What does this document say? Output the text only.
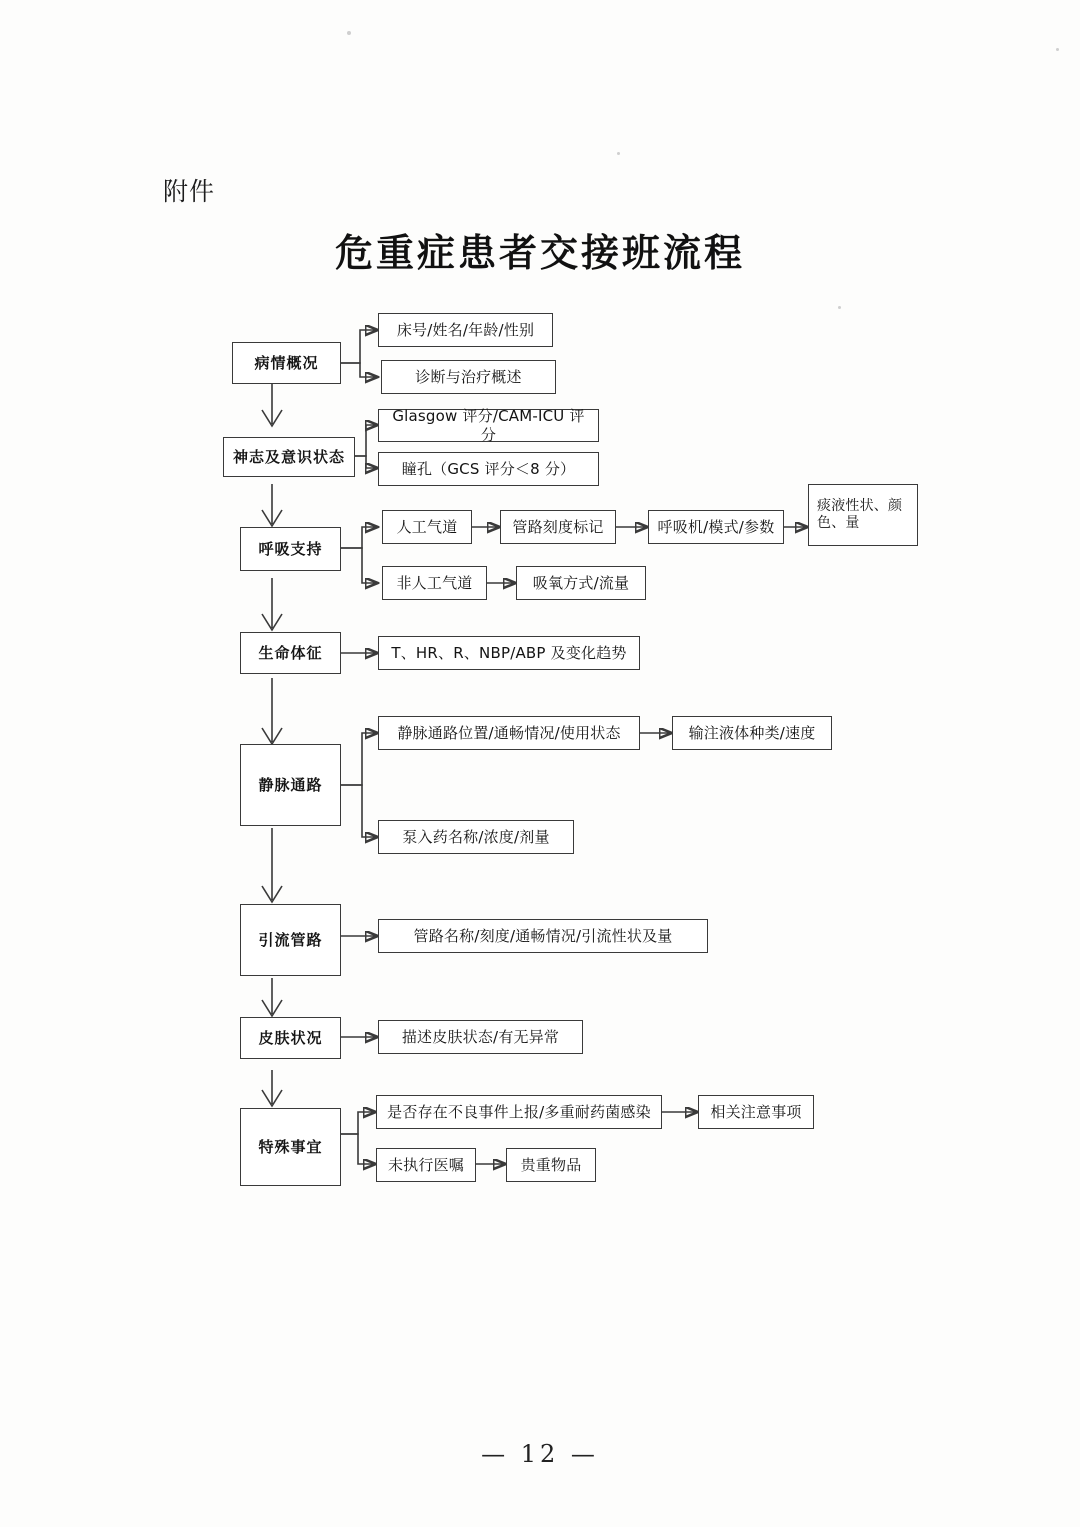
附件
危重症患者交接班流程
病情概况
神志及意识状态
呼吸支持
生命体征
静脉通路
引流管路
皮肤状况
特殊事宜
床号/姓名/年龄/性别
诊断与治疗概述
Glasgow 评分/CAM-ICU 评分
瞳孔（GCS 评分＜8 分）
人工气道	管路刻度标记	呼吸机/模式/参数
痰液性状、颜色、量
非人工气道	吸氧方式/流量
T、HR、R、NBP/ABP 及变化趋势
静脉通路位置/通畅情况/使用状态	输注液体种类/速度
泵入药名称/浓度/剂量
管路名称/刻度/通畅情况/引流性状及量
描述皮肤状态/有无异常
是否存在不良事件上报/多重耐药菌感染	相关注意事项
未执行医嘱	贵重物品
— 12 —
